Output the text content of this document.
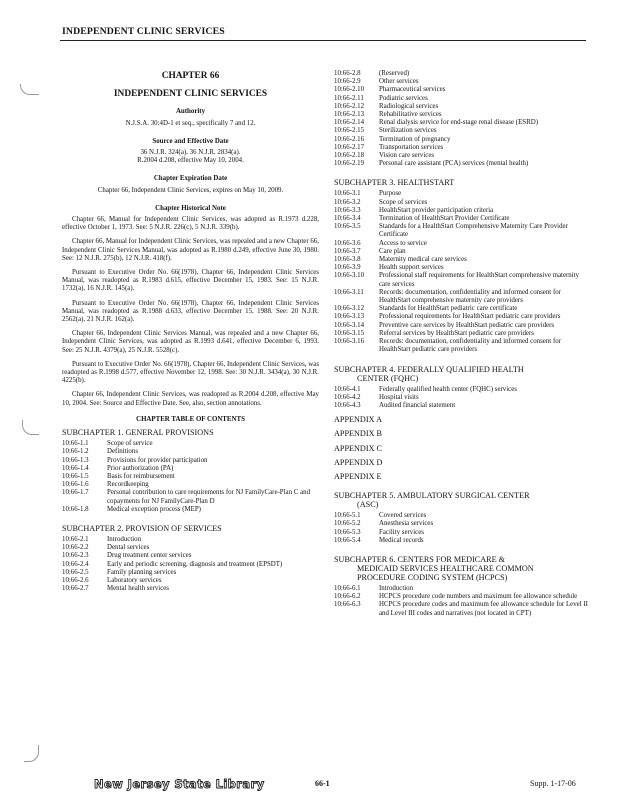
INDEPENDENT CLINIC SERVICES
CHAPTER 66
INDEPENDENT CLINIC SERVICES
Authority
N.J.S.A. 30:4D-1 et seq., specifically 7 and 12.
Source and Effective Date
36 N.J.R. 324(a), 36 N.J.R. 2834(a).
R.2004 d.208, effective May 10, 2004.
Chapter Expiration Date
Chapter 66, Independent Clinic Services, expires on May 10, 2009.
Chapter Historical Note

Chapter 66, Manual for Independent Clinic Services, was adopted as R.1973 d.228, effective October 1, 1973. See: 5 N.J.R. 226(c), 5 N.J.R. 339(b).

Chapter 66, Manual for Independent Clinic Services, was repealed and a new Chapter 66, Independent Clinic Services Manual, was adopted as R.1980 d.249, effective June 30, 1980. See: 12 N.J.R. 275(b), 12 N.J.R. 418(f).

Pursuant to Executive Order No. 66(1978), Chapter 66, Independent Clinic Services Manual, was readopted as R.1983 d.615, effective December 15, 1983. See: 15 N.J.R. 1732(a), 16 N.J.R. 145(a).

Pursuant to Executive Order No. 66(1978), Chapter 66, Independent Clinic Services Manual, was readopted as R.1988 d.633, effective December 15, 1988. See: 20 N.J.R. 2562(a), 21 N.J.R. 162(a).

Chapter 66, Independent Clinic Services Manual, was repealed and a new Chapter 66, Independent Clinic Services, was adopted as R.1993 d.641, effective December 6, 1993. See: 25 N.J.R. 4379(a), 25 N.J.R. 5528(c).

Pursuant to Executive Order No. 66(1978), Chapter 66, Independent Clinic Services, was readopted as R.1998 d.577, effective November 12, 1998. See: 30 N.J.R. 3434(a), 30 N.J.R. 4225(b).

Chapter 66, Independent Clinic Services, was readopted as R.2004 d.208, effective May 10, 2004. See: Source and Effective Date. See, also, section annotations.

CHAPTER TABLE OF CONTENTS
SUBCHAPTER 1. GENERAL PROVISIONS
10:66-1.1	Scope of service
10:66-1.2	Definitions
10:66-1.3	Provisions for provider participation
10:66-1.4	Prior authorization (PA)
10:66-1.5	Basis for reimbursement
10:66-1.6	Recordkeeping
10:66-1.7	Personal contribution to care requirements for NJ FamilyCare-Plan C and copayments for NJ FamilyCare-Plan D
10:66-1.8	Medical exception process (MEP)
SUBCHAPTER 2. PROVISION OF SERVICES
10:66-2.1	Introduction
10:66-2.2	Dental services
10:66-2.3	Drug treatment center services
10:66-2.4	Early and periodic screening, diagnosis and treatment (EPSDT)
10:66-2.5	Family planning services
10:66-2.6	Laboratory services
10:66-2.7	Mental health services
10:66-2.8	(Reserved)
10:66-2.9	Other services
10:66-2.10	Pharmaceutical services
10:66-2.11	Podiatric services
10:66-2.12	Radiological services
10:66-2.13	Rehabilitative services
10:66-2.14	Renal dialysis service for end-stage renal disease (ESRD)
10:66-2.15	Sterilization services
10:66-2.16	Termination of pregnancy
10:66-2.17	Transportation services
10:66-2.18	Vision care services
10:66-2.19	Personal care assistant (PCA) services (mental health)
SUBCHAPTER 3. HEALTHSTART
10:66-3.1	Purpose
10:66-3.2	Scope of services
10:66-3.3	HealthStart provider participation criteria
10:66-3.4	Termination of HealthStart Provider Certificate
10:66-3.5	Standards for a HealthStart Comprehensive Maternity Care Provider Certificate
10:66-3.6	Access to service
10:66-3.7	Care plan
10:66-3.8	Maternity medical care services
10:66-3.9	Health support services
10:66-3.10	Professional staff requirements for HealthStart comprehensive maternity care services
10:66-3.11	Records: documentation, confidentiality and informed consent for HealthStart comprehensive maternity care providers
10:66-3.12	Standards for HealthStart pediatric care certificate
10:66-3.13	Professional requirements for HealthStart pediatric care providers
10:66-3.14	Preventive care services by HealthStart pediatric care providers
10:66-3.15	Referral services by HealthStart pediatric care providers
10:66-3.16	Records: documentation, confidentiality and informed consent for HealthStart pediatric care providers
SUBCHAPTER 4. FEDERALLY QUALIFIED HEALTH
CENTER (FQHC)
10:66-4.1	Federally qualified health center (FQHC) services
10:66-4.2	Hospital visits
10:66-4.3	Audited financial statement
APPENDIX A
APPENDIX B
APPENDIX C
APPENDIX D
APPENDIX E
SUBCHAPTER 5. AMBULATORY SURGICAL CENTER
(ASC)
10:66-5.1	Covered services
10:66-5.2	Anesthesia services
10:66-5.3	Facility services
10:66-5.4	Medical records
SUBCHAPTER 6. CENTERS FOR MEDICARE &
MEDICAID SERVICES HEALTHCARE COMMON
PROCEDURE CODING SYSTEM (HCPCS)
10:66-6.1	Introduction
10:66-6.2	HCPCS procedure code numbers and maximum fee allowance schedule
10:66-6.3	HCPCS procedure codes and maximum fee allowance schedule for Level II and Level III codes and narratives (not located in CPT)
New Jersey State Library	66-1	Supp. 1-17-06
